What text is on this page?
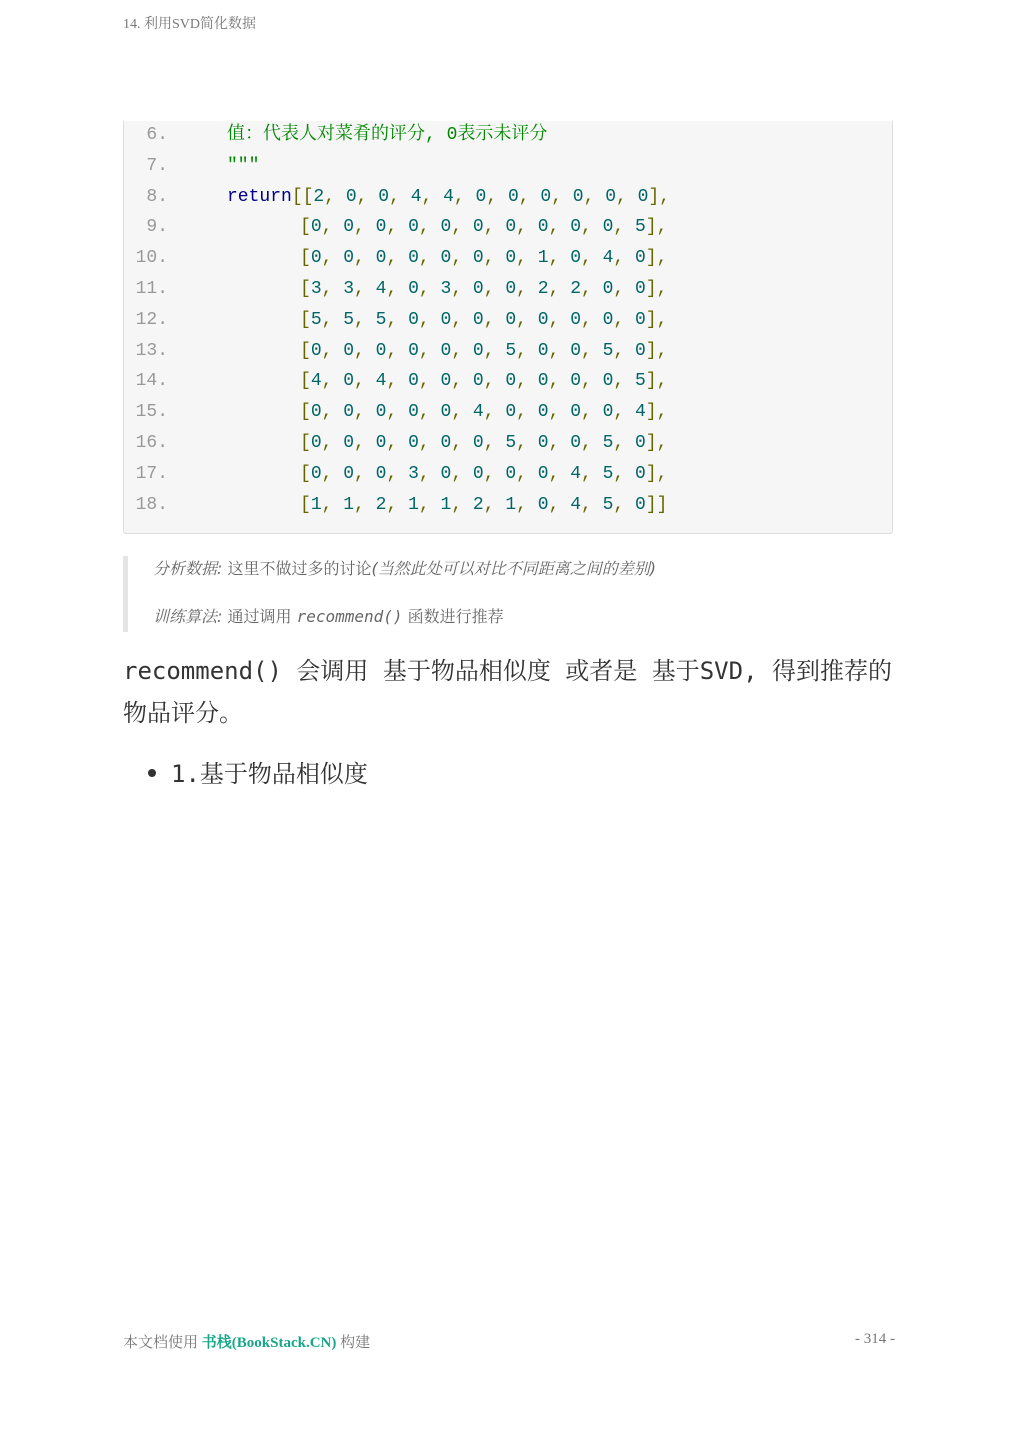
14. 利用SVD简化数据
6.	值：代表人对菜肴的评分, 0表示未评分
7.	"""
8.	return[[2, 0, 0, 4, 4, 0, 0, 0, 0, 0, 0],
9.	[0, 0, 0, 0, 0, 0, 0, 0, 0, 0, 5],
10.	[0, 0, 0, 0, 0, 0, 0, 1, 0, 4, 0],
11.	[3, 3, 4, 0, 3, 0, 0, 2, 2, 0, 0],
12.	[5, 5, 5, 0, 0, 0, 0, 0, 0, 0, 0],
13.	[0, 0, 0, 0, 0, 0, 5, 0, 0, 5, 0],
14.	[4, 0, 4, 0, 0, 0, 0, 0, 0, 0, 5],
15.	[0, 0, 0, 0, 0, 4, 0, 0, 0, 0, 4],
16.	[0, 0, 0, 0, 0, 0, 5, 0, 0, 5, 0],
17.	[0, 0, 0, 3, 0, 0, 0, 0, 4, 5, 0],
18.	[1, 1, 2, 1, 1, 2, 1, 0, 4, 5, 0]]
分析数据: 这里不做过多的讨论(当然此处可以对比不同距离之间的差别)
训练算法: 通过调用 recommend() 函数进行推荐
recommend() 会调用 基于物品相似度 或者是 基于SVD, 得到推荐的物品评分。
1.基于物品相似度
本文档使用 书栈(BookStack.CN) 构建	- 314 -
